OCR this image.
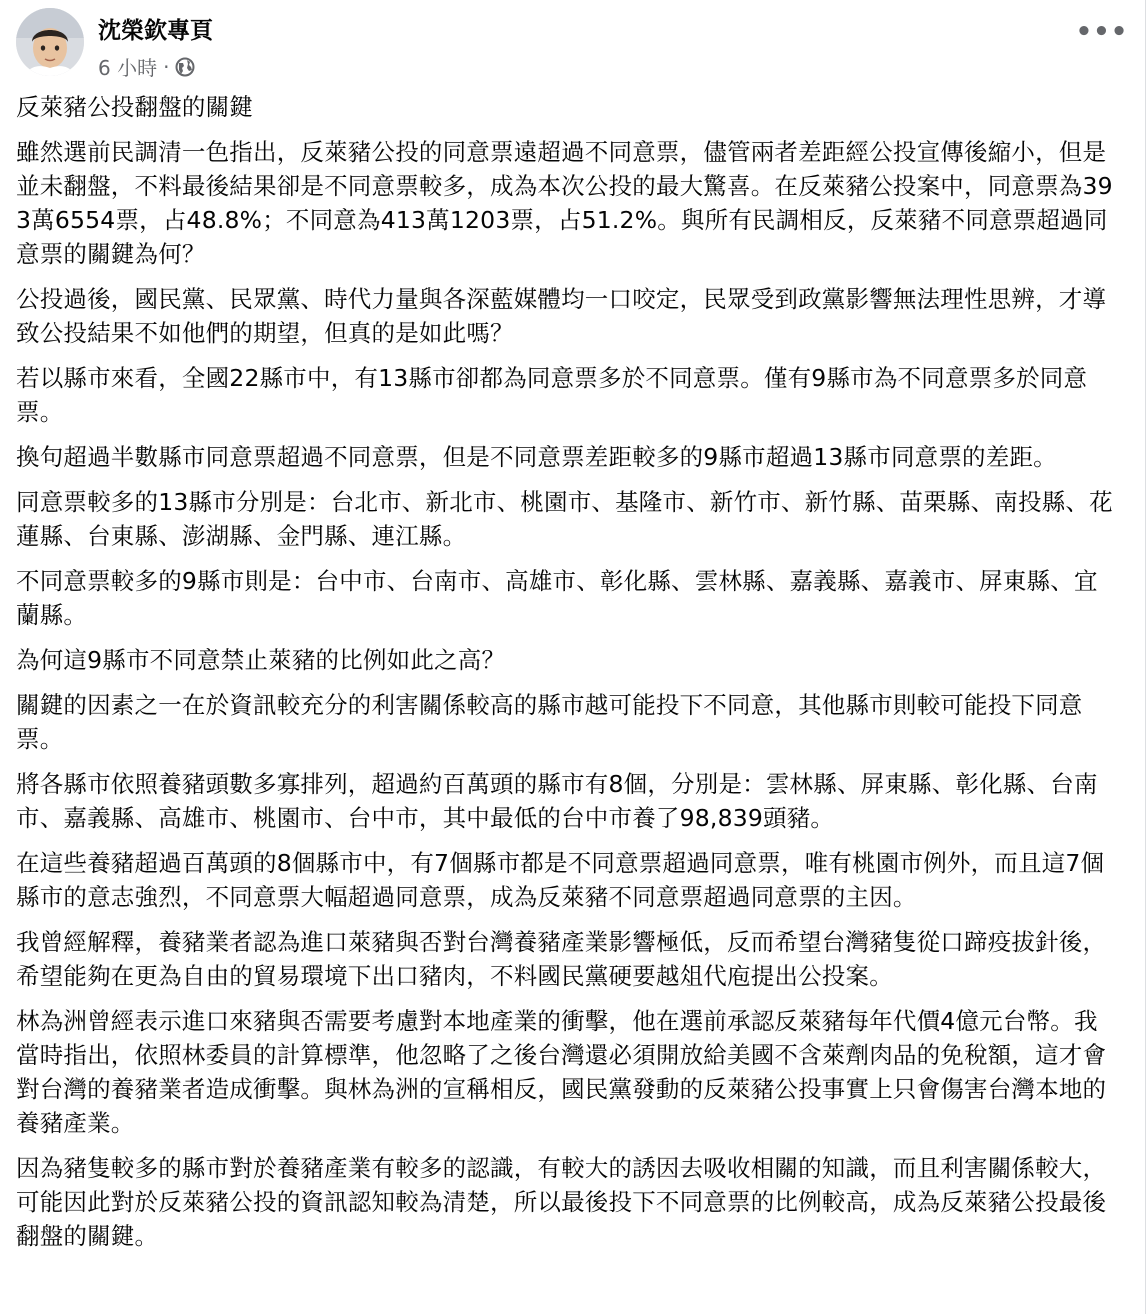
沈榮欽專頁
6 小時 ·
•••

反萊豬公投翻盤的關鍵

雖然選前民調清一色指出，反萊豬公投的同意票遠超過不同意票，儘管兩者差距經公投宣傳後縮小，但是並未翻盤，不料最後結果卻是不同意票較多，成為本次公投的最大驚喜。在反萊豬公投案中，同意票為393萬6554票，占48.8%；不同意為413萬1203票，占51.2%。與所有民調相反，反萊豬不同意票超過同意票的關鍵為何？

公投過後，國民黨、民眾黨、時代力量與各深藍媒體均一口咬定，民眾受到政黨影響無法理性思辨，才導致公投結果不如他們的期望，但真的是如此嗎？

若以縣市來看，全國22縣市中，有13縣市卻都為同意票多於不同意票。僅有9縣市為不同意票多於同意票。

換句超過半數縣市同意票超過不同意票，但是不同意票差距較多的9縣市超過13縣市同意票的差距。

同意票較多的13縣市分別是：台北市、新北市、桃園市、基隆市、新竹市、新竹縣、苗栗縣、南投縣、花蓮縣、台東縣、澎湖縣、金門縣、連江縣。

不同意票較多的9縣市則是：台中市、台南市、高雄市、彰化縣、雲林縣、嘉義縣、嘉義市、屏東縣、宜蘭縣。

為何這9縣市不同意禁止萊豬的比例如此之高？

關鍵的因素之一在於資訊較充分的利害關係較高的縣市越可能投下不同意，其他縣市則較可能投下同意票。

將各縣市依照養豬頭數多寡排列，超過約百萬頭的縣市有8個，分別是：雲林縣、屏東縣、彰化縣、台南市、嘉義縣、高雄市、桃園市、台中市，其中最低的台中市養了98,839頭豬。

在這些養豬超過百萬頭的8個縣市中，有7個縣市都是不同意票超過同意票，唯有桃園市例外，而且這7個縣市的意志強烈，不同意票大幅超過同意票，成為反萊豬不同意票超過同意票的主因。

我曾經解釋，養豬業者認為進口萊豬與否對台灣養豬產業影響極低，反而希望台灣豬隻從口蹄疫拔針後，希望能夠在更為自由的貿易環境下出口豬肉，不料國民黨硬要越俎代庖提出公投案。

林為洲曾經表示進口來豬與否需要考慮對本地產業的衝擊，他在選前承認反萊豬每年代價4億元台幣。我當時指出，依照林委員的計算標準，他忽略了之後台灣還必須開放給美國不含萊劑肉品的免稅額，這才會對台灣的養豬業者造成衝擊。與林為洲的宣稱相反，國民黨發動的反萊豬公投事實上只會傷害台灣本地的養豬產業。

因為豬隻較多的縣市對於養豬產業有較多的認識，有較大的誘因去吸收相關的知識，而且利害關係較大，可能因此對於反萊豬公投的資訊認知較為清楚，所以最後投下不同意票的比例較高，成為反萊豬公投最後翻盤的關鍵。
